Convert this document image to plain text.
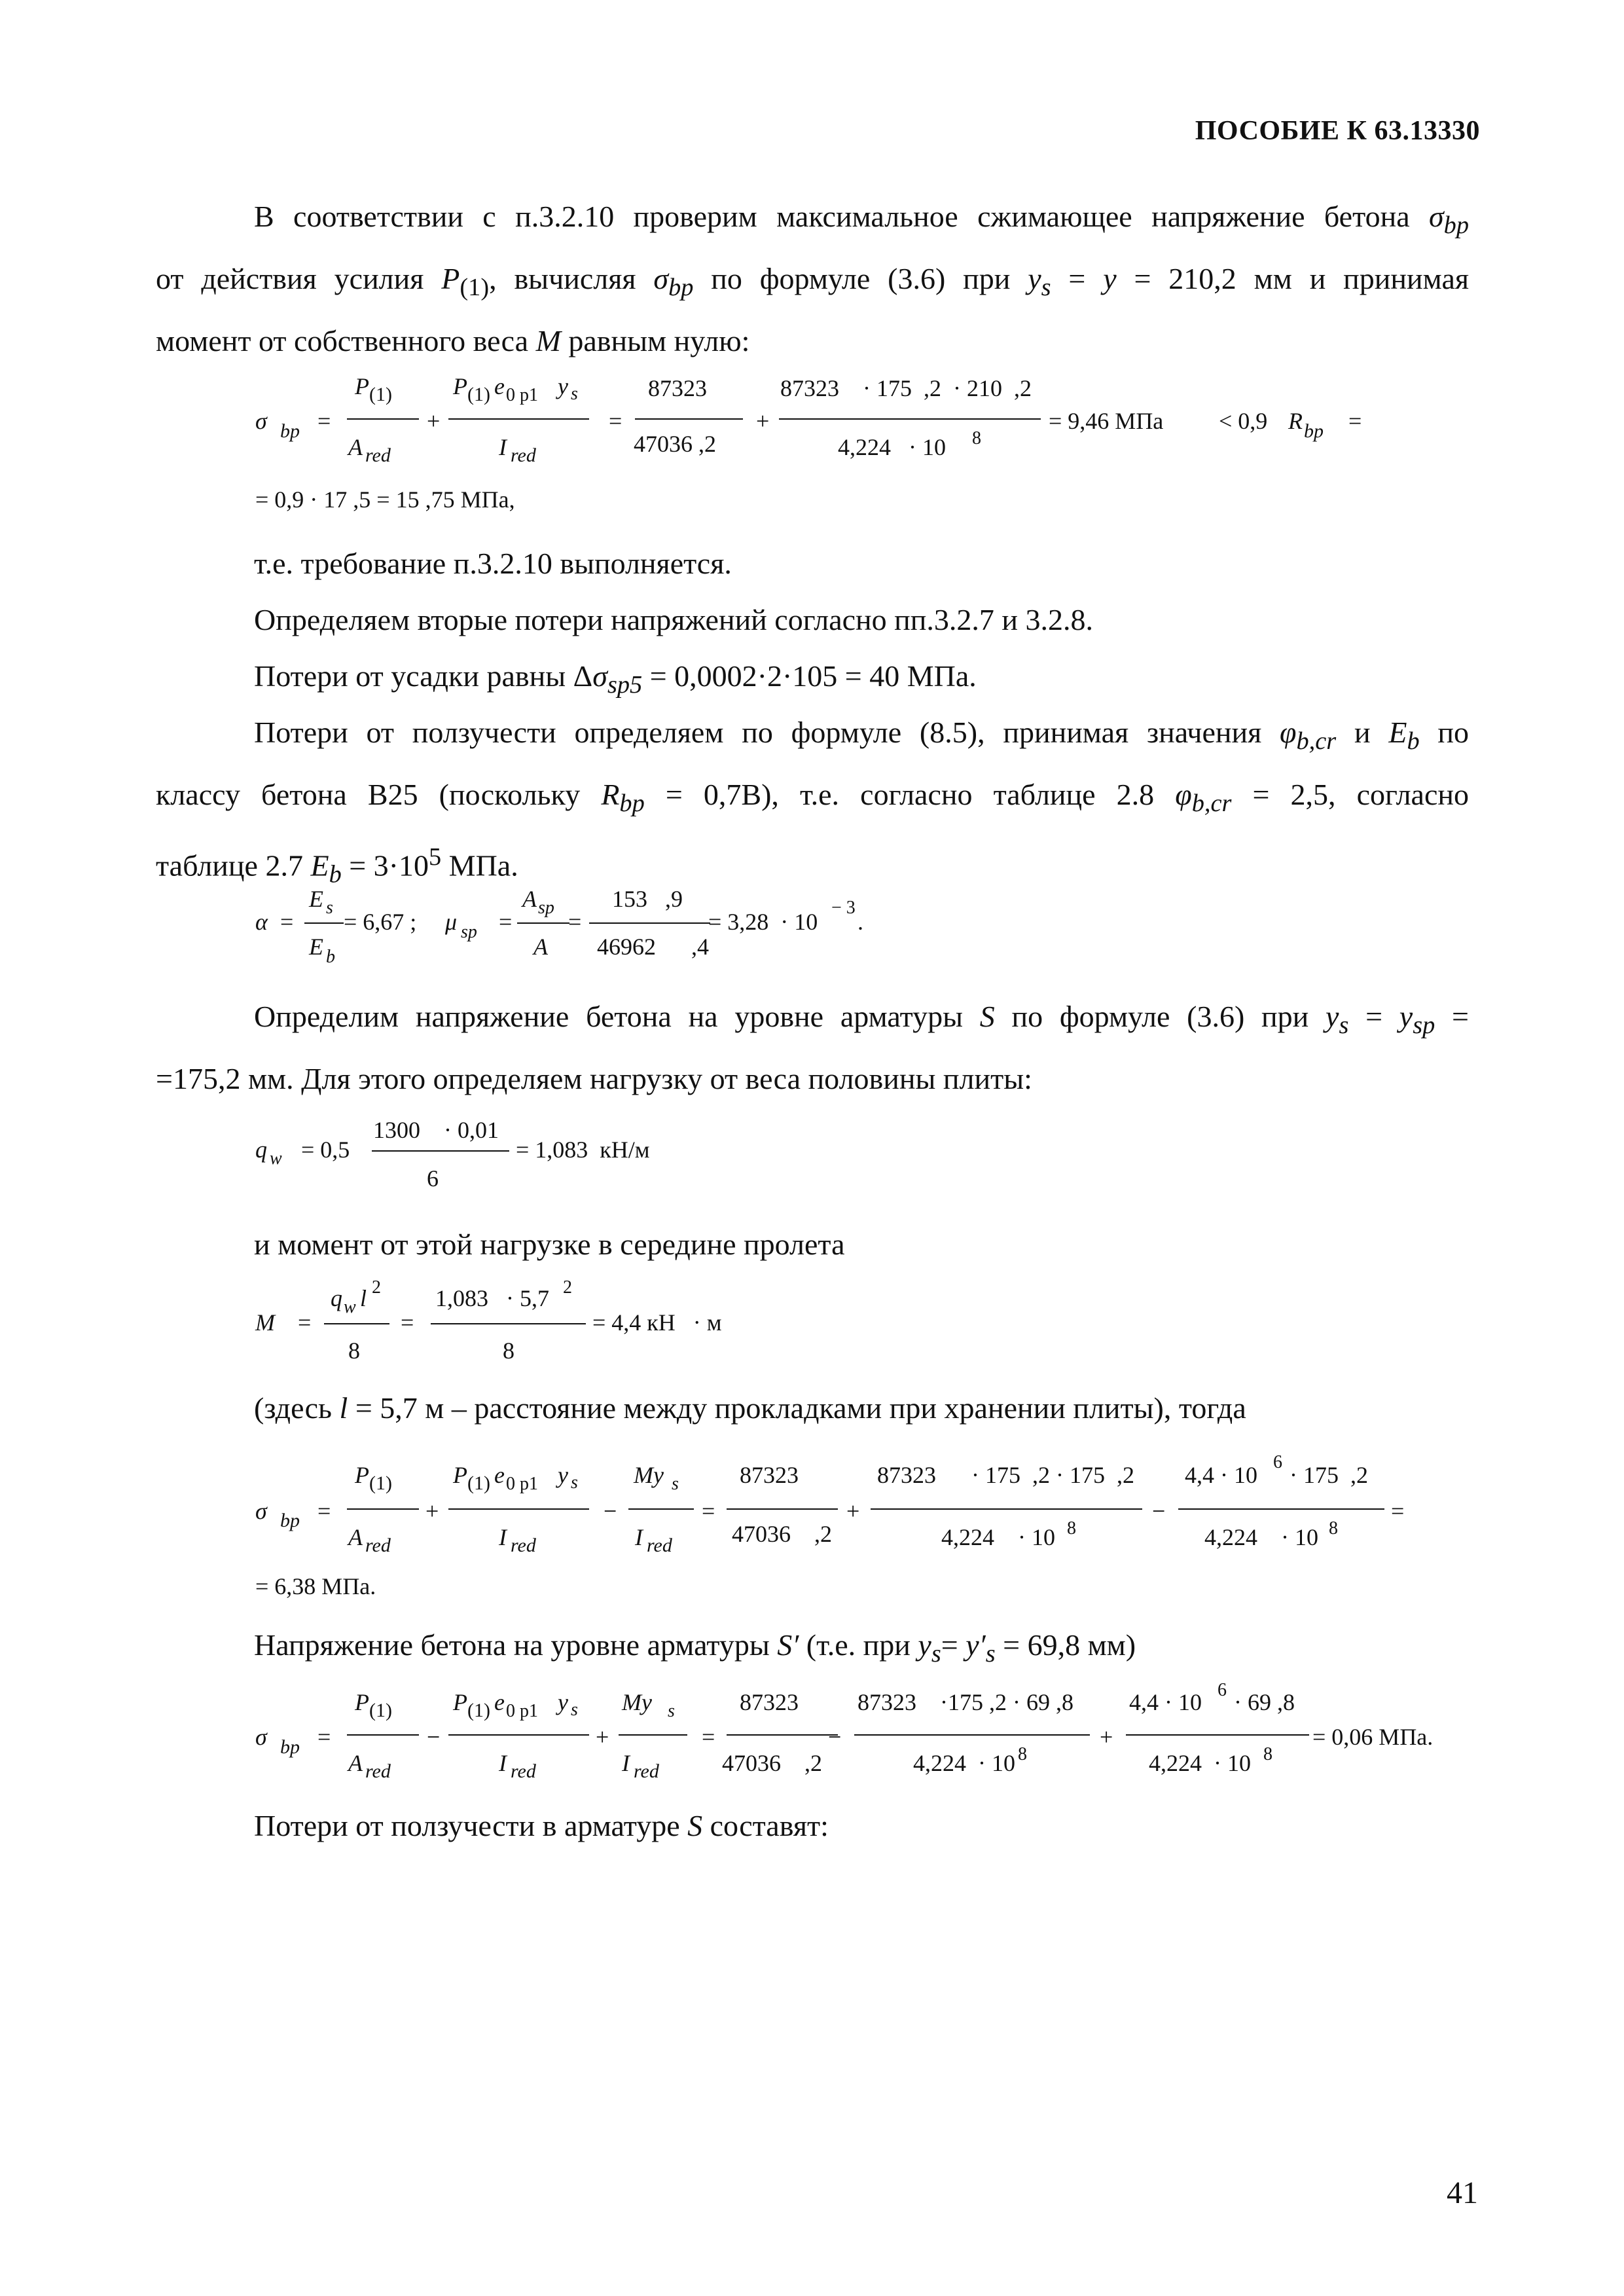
ПОСОБИЕ К 63.13330
В соответствии с п.3.2.10 проверим максимальное сжимающее напряжение бетона $\sigma_{bp}$
от действия усилия $P_{(1)}$, вычисляя $\sigma_{bp}$ по формуле (3.6) при $y_s = y = 210,2$ мм и принимая
момент от собственного веса M равным нулю:
σ bp =
P (1)
A red
+
P (1) e 0 p1 y s
I red
=
87323
47036 ,2
+
87323    · 175  ,2  · 210  ,2
4,224   · 10 8
= 9,46 МПа < 0,9 R bp =
= 0,9 · 17 ,5 = 15 ,75 МПа,
т.е. требование п.3.2.10 выполняется.
Определяем вторые потери напряжений согласно пп.3.2.7 и 3.2.8.
Потери от усадки равны $\Delta\sigma_{sp5} = 0,0002\cdot 2\cdot 105 = 40$ МПа.
Потери от ползучести определяем по формуле (8.5), принимая значения $\varphi_{b,cr}$ и $E_b$ по
классу бетона В25 (поскольку $R_{bp} = 0,7В$), т.е. согласно таблице 2.8 $\varphi_{b,cr} = 2,5$, согласно
таблице 2.7 $E_b = 3\cdot 10^5$ МПа.
α =
E s
E b
= 6,67 ; μ sp =
A sp
A
=
153   ,9
46962      ,4
= 3,28  · 10
− 3
.
Определим напряжение бетона на уровне арматуры S по формуле (3.6) при $y_s = y_{sp}$ =
=175,2 мм. Для этого определяем нагрузку от веса половины плиты:
q w = 0,5
1300    · 0,01
6
= 1,083  кН/м
и момент от этой нагрузке в середине пролета
M =
q w l 2
8
=
1,083   · 5,7 2
8
= 4,4 кН   · м
(здесь l = 5,7 м – расстояние между прокладками при хранении плиты), тогда
σ bp =
P (1)
A red
+
P (1) e 0 p1 y s
I red
−
My s
I red
=
87323
47036    ,2
+
87323      · 175  ,2 · 175  ,2
4,224    · 10 8
−
4,4 · 10 6 · 175  ,2
4,224    · 10 8
=
= 6,38 МПа.
Напряжение бетона на уровне арматуры S′ (т.е. при $y_s= y'_s = 69,8$ мм)
σ bp =
P (1)
A red
−
P (1) e 0 p1 y s
I red
+
My s
I red
=
87323
47036    ,2
−
87323    ·175 ,2 · 69 ,8
4,224  · 10 8
+
4,4 · 10 6 · 69 ,8
4,224  · 10 8
= 0,06 МПа.
Потери от ползучести в арматуре S составят:
41
